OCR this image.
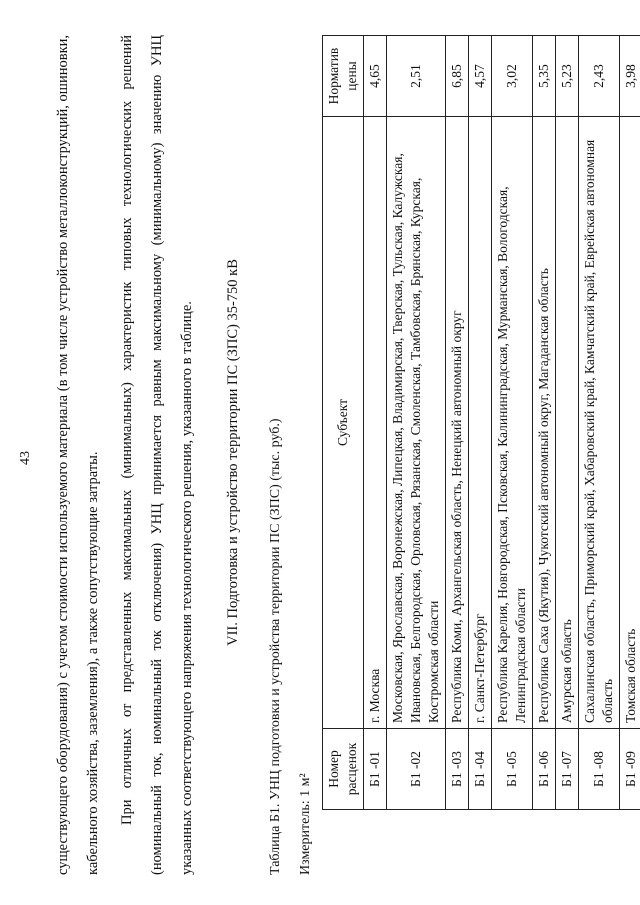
43	существующего оборудования) с учетом стоимости используемого материала (в том числе устройство металлоконструкций, ошиновки, кабельного хозяйства, заземления), а также сопутствующие затраты.	При отличных от представленных максимальных (минимальных) характеристик типовых технологических решений (номинальный ток, номинальный ток отключения) УНЦ принимается равным максимальному (минимальному) значению УНЦ указанных соответствующего напряжения технологического решения, указанного в таблице.	VII. Подготовка и устройство территории ПС (ЗПС) 35-750 кВ Таблица Б1. УНЦ подготовки и устройства территории ПС (ЗПС) (тыс. руб.) Измеритель: 1 м²
Номер расценок	Субъект	Норматив цены
Б1 -01	г. Москва	4,65
Б1 -02	Московская, Ярославская, Воронежская, Липецкая, Владимирская, Тверская, Тульская, Калужская, Ивановская, Белгородская, Орловская, Рязанская, Смоленская, Тамбовская, Брянская, Курская, Костромская области	2,51
Б1 -03	Республика Коми, Архангельская область, Ненецкий автономный округ	6,85
Б1 -04	г. Санкт-Петербург	4,57
Б1 -05	Республика Карелия, Новгородская, Псковская, Калининградская, Мурманская, Вологодская, Ленинградская области	3,02
Б1 -06	Республика Саха (Якутия), Чукотский автономный округ, Магаданская область	5,35
Б1 -07	Амурская область	5,23
Б1 -08	Сахалинская область, Приморский край, Хабаровский край, Камчатский край, Еврейская автономная область	2,43
Б1 -09	Томская область	3,98
